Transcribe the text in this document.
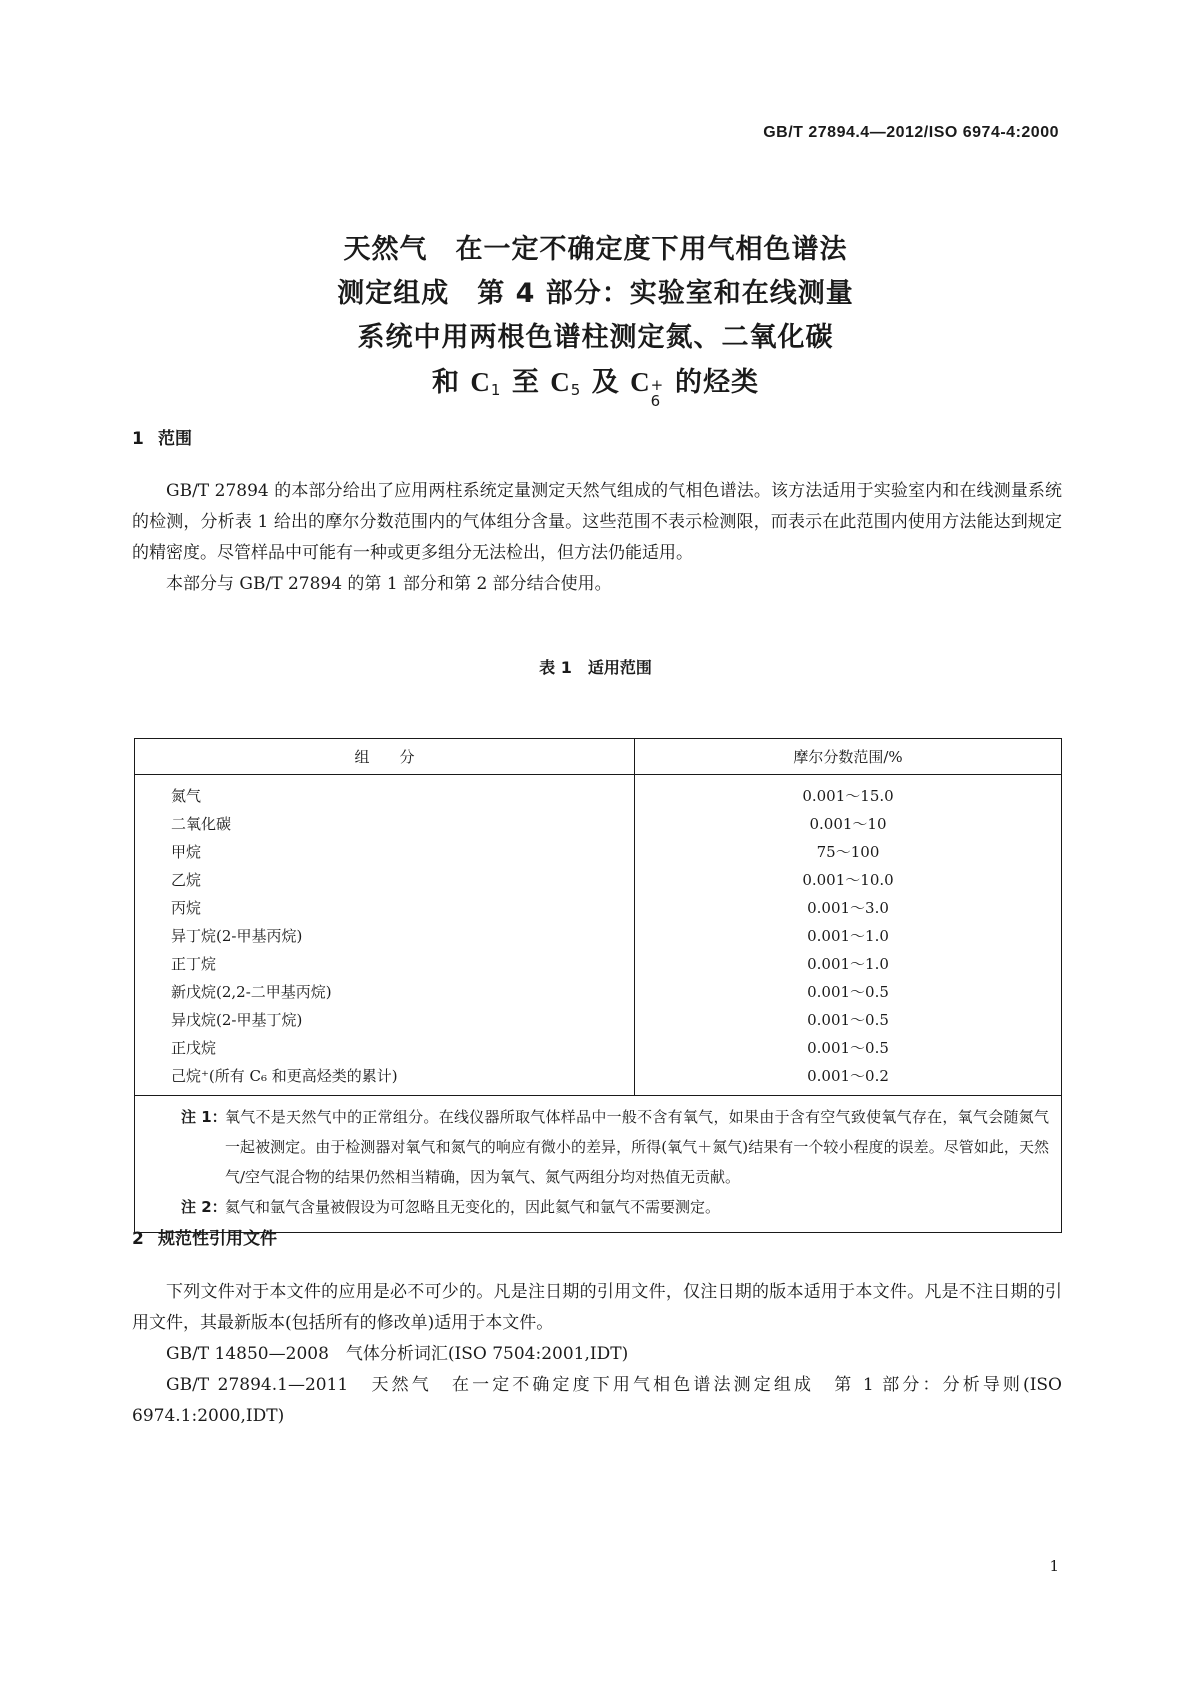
GB/T 27894.4—2012/ISO 6974-4:2000
天然气　在一定不确定度下用气相色谱法
测定组成　第 4 部分：实验室和在线测量
系统中用两根色谱柱测定氮、二氧化碳
和 $C_1$ 至 $C_5$ 及 C +
6
的烃类
1 范围

GB/T 27894 的本部分给出了应用两柱系统定量测定天然气组成的气相色谱法。该方法适用于实验室内和在线测量系统的检测，分析表 1 给出的摩尔分数范围内的气体组分含量。这些范围不表示检测限，而表示在此范围内使用方法能达到规定的精密度。尽管样品中可能有一种或更多组分无法检出，但方法仍能适用。

本部分与 GB/T 27894 的第 1 部分和第 2 部分结合使用。

表 1　适用范围
组　　分	摩尔分数范围/%
氮气	0.001～15.0
二氧化碳	0.001～10
甲烷	75～100
乙烷	0.001～10.0
丙烷	0.001～3.0
异丁烷(2-甲基丙烷)	0.001～1.0
正丁烷	0.001～1.0
新戊烷(2,2-二甲基丙烷)	0.001～0.5
异戊烷(2-甲基丁烷)	0.001～0.5
正戊烷	0.001～0.5
己烷⁺(所有 C₆ 和更高烃类的累计)	0.001～0.2

注 1：
氧气不是天然气中的正常组分。在线仪器所取气体样品中一般不含有氧气，如果由于含有空气致使氧气存在，氧气会随氮气一起被测定。由于检测器对氧气和氮气的响应有微小的差异，所得(氧气＋氮气)结果有一个较小程度的误差。尽管如此，天然气/空气混合物的结果仍然相当精确，因为氧气、氮气两组分均对热值无贡献。
注 2：
氦气和氩气含量被假设为可忽略且无变化的，因此氦气和氩气不需要测定。	
2 规范性引用文件

下列文件对于本文件的应用是必不可少的。凡是注日期的引用文件，仅注日期的版本适用于本文件。凡是不注日期的引用文件，其最新版本(包括所有的修改单)适用于本文件。

GB/T 14850—2008　气体分析词汇(ISO 7504:2001,IDT)

GB/T 27894.1—2011　天然气　在一定不确定度下用气相色谱法测定组成　第 1 部分：分析导则(ISO 6974.1:2000,IDT)

1
